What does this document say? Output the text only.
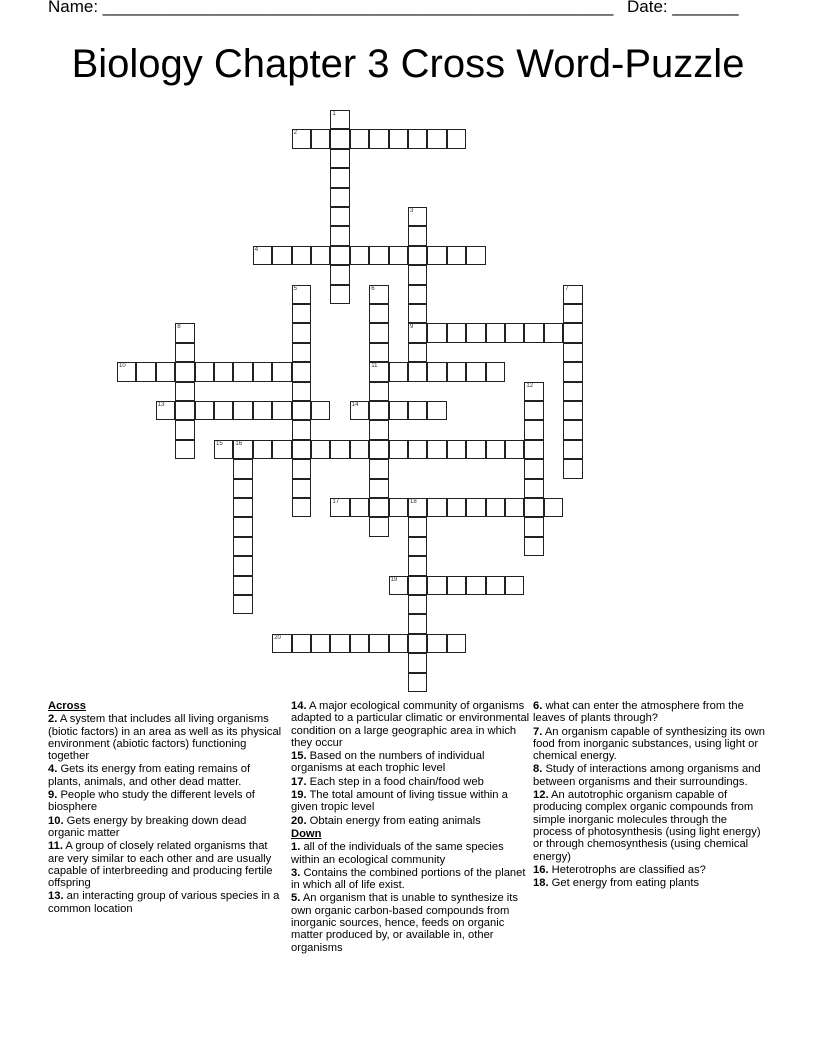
Name: ______________________________________________________ Date: _______
Biology Chapter 3 Cross Word-Puzzle
1
2
3
9
4
5	6
11
7
8
10
12
13	14
15 16
17	18
19
20
Across
2. A system that includes all living organisms (biotic factors) in an area as well as its physical environment (abiotic factors) functioning together
4. Gets its energy from eating remains of plants, animals, and other dead matter.
9. People who study the different levels of biosphere
10. Gets energy by breaking down dead organic matter
11. A group of closely related organisms that are very similar to each other and are usually capable of interbreeding and producing fertile offspring
13. an interacting group of various species in a common location
14. A major ecological community of organisms adapted to a particular climatic or environmental condition on a large geographic area in which they occur
15. Based on the numbers of individual organisms at each trophic level
17. Each step in a food chain/food web
19. The total amount of living tissue within a given tropic level
20. Obtain energy from eating animals
Down
1. all of the individuals of the same species within an ecological community
3. Contains the combined portions of the planet in which all of life exist.
5. An organism that is unable to synthesize its own organic carbon-based compounds from inorganic sources, hence, feeds on organic matter produced by, or available in, other organisms
6. what can enter the atmosphere from the leaves of plants through?
7. An organism capable of synthesizing its own food from inorganic substances, using light or chemical energy.
8. Study of interactions among organisms and between organisms and their surroundings.
12. An autotrophic organism capable of producing complex organic compounds from simple inorganic molecules through the process of photosynthesis (using light energy) or through chemosynthesis (using chemical energy)
16. Heterotrophs are classified as?
18. Get energy from eating plants
